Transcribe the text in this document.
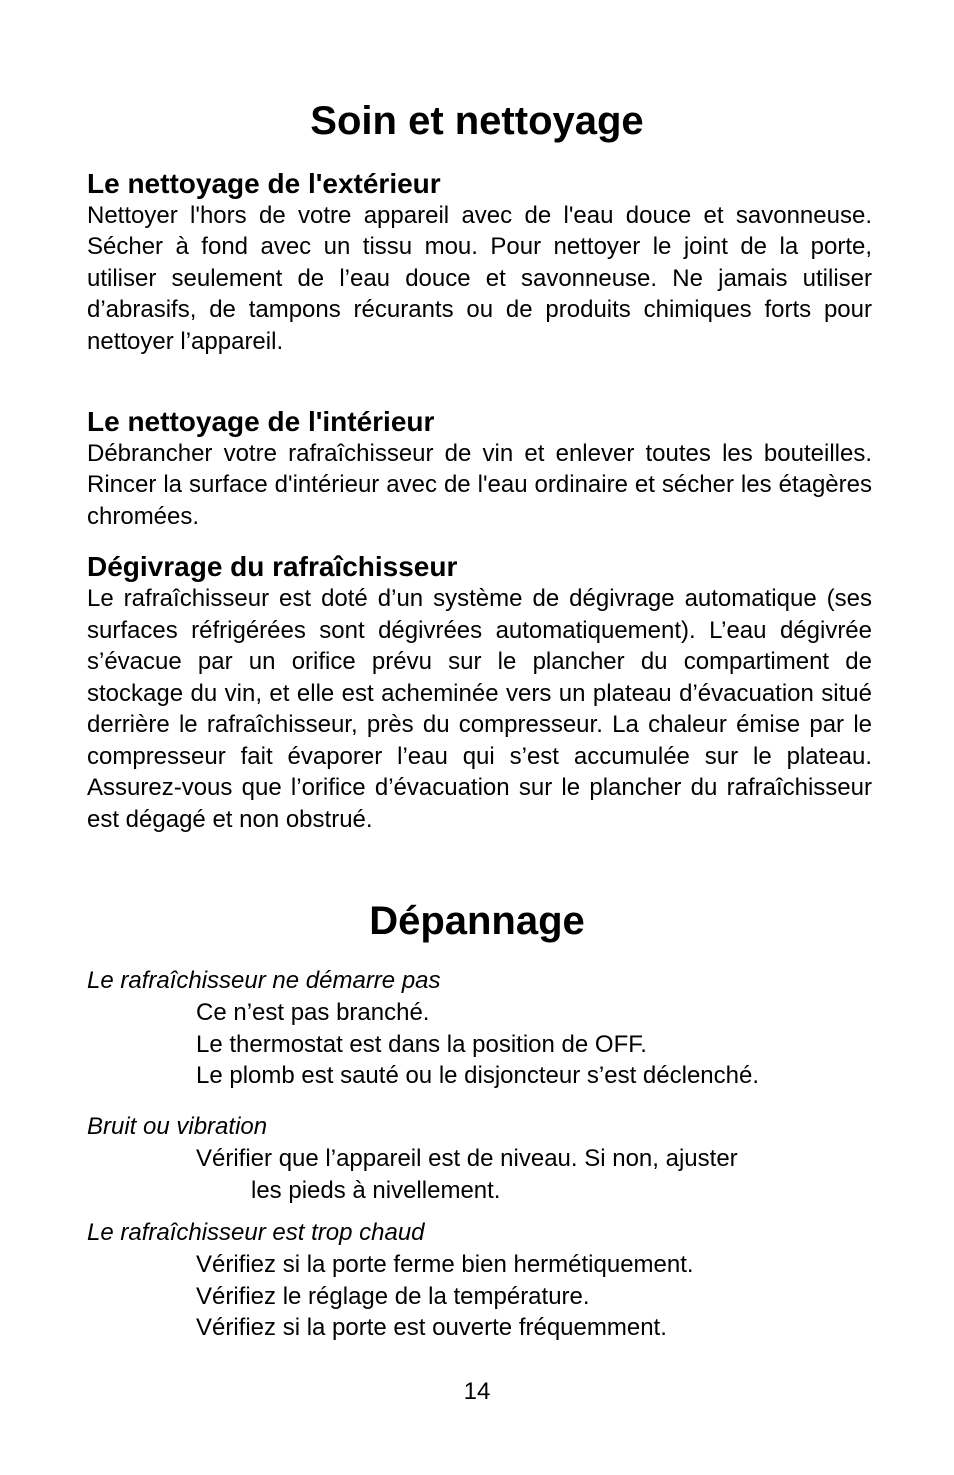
Soin et nettoyage
Le nettoyage de l'extérieur

Nettoyer l'hors de votre appareil avec de l'eau douce et savonneuse. Sécher à fond avec un tissu mou. Pour nettoyer le joint de la porte, utiliser seulement de l’eau douce et savonneuse. Ne jamais utiliser d’abrasifs, de tampons récurants ou de produits chimiques forts pour nettoyer l’appareil.

Le nettoyage de l'intérieur

Débrancher votre rafraîchisseur de vin et enlever toutes les bouteilles. Rincer la surface d'intérieur avec de l'eau ordinaire et sécher les étagères chromées.

Dégivrage du rafraîchisseur

Le rafraîchisseur est doté d’un système de dégivrage automatique (ses surfaces réfrigérées sont dégivrées automatiquement). L’eau dégivrée s’évacue par un orifice prévu sur le plancher du compartiment de stockage du vin, et elle est acheminée vers un plateau d’évacuation situé derrière le rafraîchisseur, près du compresseur. La chaleur émise par le compresseur fait évaporer l’eau qui s’est accumulée sur le plateau. Assurez-vous que l’orifice d’évacuation sur le plancher du rafraîchisseur est dégagé et non obstrué.

Dépannage

Le rafraîchisseur ne démarre pas

Ce n’est pas branché.
Le thermostat est dans la position de OFF.
Le plomb est sauté ou le disjoncteur s’est déclenché.

Bruit ou vibration

Vérifier que l’appareil est de niveau. Si non, ajuster
les pieds à nivellement.

Le rafraîchisseur est trop chaud

Vérifiez si la porte ferme bien hermétiquement.
Vérifiez le réglage de la température.
Vérifiez si la porte est ouverte fréquemment.
14
